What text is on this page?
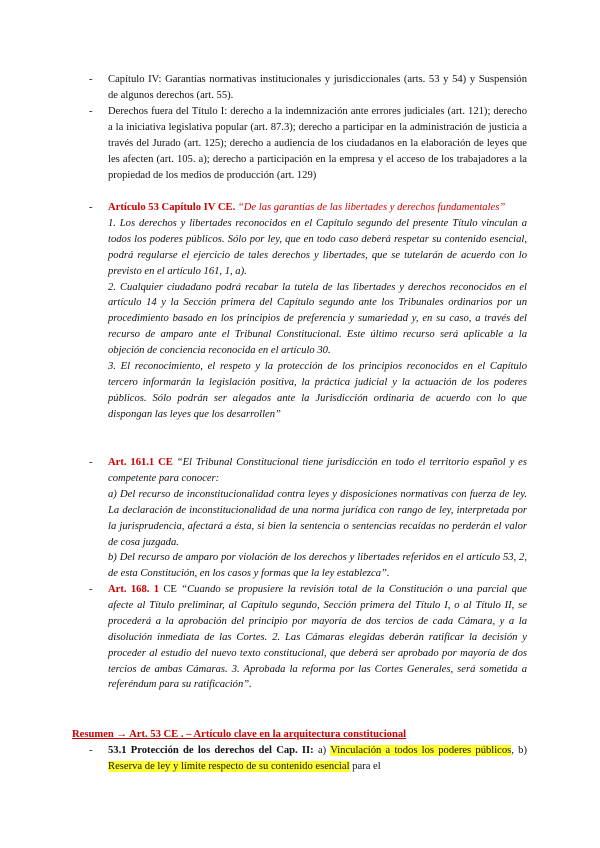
- Capítulo IV: Garantías normativas institucionales y jurisdiccionales (arts. 53 y 54) y Suspensión de algunos derechos (art. 55).
- Derechos fuera del Título I: derecho a la indemnización ante errores judiciales (art. 121); derecho a la iniciativa legislativa popular (art. 87.3); derecho a participar en la administración de justicia a través del Jurado (art. 125); derecho a audiencia de los ciudadanos en la elaboración de leyes que les afecten (art. 105. a); derecho a participación en la empresa y el acceso de los trabajadores a la propiedad de los medios de producción (art. 129)
- Artículo 53 Capítulo IV CE. “De las garantías de las libertades y derechos fundamentales”

1. Los derechos y libertades reconocidos en el Capítulo segundo del presente Título vinculan a todos los poderes públicos. Sólo por ley, que en todo caso deberá respetar su contenido esencial, podrá regularse el ejercicio de tales derechos y libertades, que se tutelarán de acuerdo con lo previsto en el artículo 161, 1, a).

2. Cualquier ciudadano podrá recabar la tutela de las libertades y derechos reconocidos en el artículo 14 y la Sección primera del Capítulo segundo ante los Tribunales ordinarios por un procedimiento basado en los principios de preferencia y sumariedad y, en su caso, a través del recurso de amparo ante el Tribunal Constitucional. Este último recurso será aplicable a la objeción de conciencia reconocida en el artículo 30.

3. El reconocimiento, el respeto y la protección de los principios reconocidos en el Capítulo tercero informarán la legislación positiva, la práctica judicial y la actuación de los poderes públicos. Sólo podrán ser alegados ante la Jurisdicción ordinaria de acuerdo con lo que dispongan las leyes que los desarrollen”

- Art. 161.1 CE “El Tribunal Constitucional tiene jurisdicción en todo el territorio español y es competente para conocer:

a) Del recurso de inconstitucionalidad contra leyes y disposiciones normativas con fuerza de ley. La declaración de inconstitucionalidad de una norma jurídica con rango de ley, interpretada por la jurisprudencia, afectará a ésta, si bien la sentencia o sentencias recaídas no perderán el valor de cosa juzgada.

b) Del recurso de amparo por violación de los derechos y libertades referidos en el artículo 53, 2, de esta Constitución, en los casos y formas que la ley establezca”.

- Art. 168. 1 CE “Cuando se propusiere la revisión total de la Constitución o una parcial que afecte al Título preliminar, al Capítulo segundo, Sección primera del Título I, o al Título II, se procederá a la aprobación del principio por mayoría de dos tercios de cada Cámara, y a la disolución inmediata de las Cortes. 2. Las Cámaras elegidas deberán ratificar la decisión y proceder al estudio del nuevo texto constitucional, que deberá ser aprobado por mayoría de dos tercios de ambas Cámaras. 3. Aprobada la reforma por las Cortes Generales, será sometida a referéndum para su ratificación”.

Resumen → Art. 53 CE . – Artículo clave en la arquitectura constitucional
- 53.1 Protección de los derechos del Cap. II: a) Vinculación a todos los poderes públicos, b) Reserva de ley y límite respecto de su contenido esencial para el
